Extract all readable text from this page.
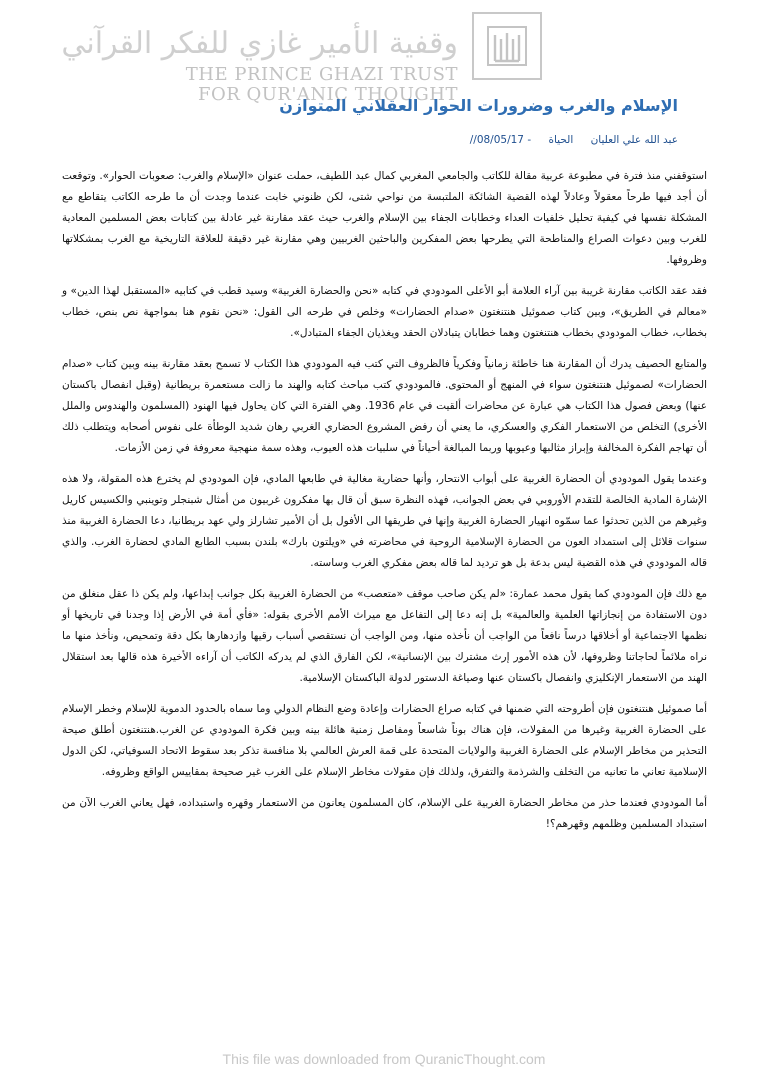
وقفية الأمير غازي للفكر القرآني
THE PRINCE GHAZI TRUST
FOR QUR'ANIC THOUGHT
الإسلام والغرب وضرورات الحوار العقلاني المتوازن
عبد الله علي العليان الحياة - 08/05/17//

استوقفني منذ فترة في مطبوعة عربية مقالة للكاتب والجامعي المغربي كمال عبد اللطيف، حملت عنوان «الإسلام والغرب: صعوبات الحوار». وتوقعت أن أجد فيها طرحاً معقولاً وعادلاً لهذه القضية الشائكة الملتبسة من نواحي شتى، لكن ظنوني خابت عندما وجدت أن ما طرحه الكاتب يتقاطع مع المشكلة نفسها في كيفية تحليل خلفيات العداء وخطابات الجفاء بين الإسلام والغرب حيث عقد مقارنة غير عادلة بين كتابات بعض المسلمين المعادية للغرب وبين دعوات الصراع والمناطحة التي يطرحها بعض المفكرين والباحثين الغربيين وهي مقارنة غير دقيقة للعلاقة التاريخية مع الغرب بمشكلاتها وظروفها.

فقد عقد الكاتب مقارنة غريبة بين آراء العلامة أبو الأعلى المودودي في كتابه «نحن والحضارة الغربية» وسيد قطب في كتابيه «المستقبل لهذا الدين» و «معالم في الطريق»، وبين كتاب صموئيل هنتنغتون «صدام الحضارات» وخلص في طرحه الى القول: «نحن نقوم هنا بمواجهة نص بنص، خطاب بخطاب، خطاب المودودي بخطاب هنتنغتون وهما خطابان يتبادلان الحقد ويغذيان الجفاء المتبادل».

والمتابع الحصيف يدرك أن المقارنة هنا خاطئة زمانياً وفكرياً فالظروف التي كتب فيه المودودي هذا الكتاب لا تسمح بعقد مقارنة بينه وبين كتاب «صدام الحضارات» لصموئيل هنتنغتون سواء في المنهج أو المحتوى. فالمودودي كتب مباحث كتابه والهند ما زالت مستعمرة بريطانية (وقبل انفصال باكستان عنها) وبعض فصول هذا الكتاب هي عبارة عن محاضرات ألقيت في عام 1936. وهي الفترة التي كان يحاول فيها الهنود (المسلمون والهندوس والملل الأخرى) التخلص من الاستعمار الفكري والعسكري، ما يعني أن رفض المشروع الحضاري الغربي رهان شديد الوطأة على نفوس أصحابه ويتطلب ذلك أن تهاجم الفكرة المخالفة وإبراز مثالبها وعيوبها وربما المبالغة أحياناً في سلبيات هذه العيوب، وهذه سمة منهجية معروفة في زمن الأزمات.

وعندما يقول المودودي أن الحضارة الغربية على أبواب الانتحار، وأنها حضارية مغالية في طابعها المادي، فإن المودودي لم يخترع هذه المقولة، ولا هذه الإشارة المادية الخالصة للتقدم الأوروبي في بعض الجوانب، فهذه النظرة سبق أن قال بها مفكرون غربيون من أمثال شبنجلر وتوينبي والكسيس كاريل وغيرهم من الذين تحدثوا عما سمّوه انهيار الحضارة الغربية وإنها في طريقها الى الأفول بل أن الأمير تشارلز ولي عهد بريطانيا، دعا الحضارة الغربية منذ سنوات قلائل إلى استمداد العون من الحضارة الإسلامية الروحية في محاضرته في «ويلتون بارك» بلندن بسبب الطابع المادي لحضارة الغرب. والذي قاله المودودي في هذه القضية ليس بدعة بل هو ترديد لما قاله بعض مفكري الغرب وساسته.

مع ذلك فإن المودودي كما يقول محمد عمارة: «لم يكن صاحب موقف «متعصب» من الحضارة الغربية بكل جوانب إبداعها، ولم يكن ذا عقل منغلق من دون الاستفادة من إنجازاتها العلمية والعالمية» بل إنه دعا إلى التفاعل مع ميراث الأمم الأخرى بقوله: «فأي أمة في الأرض إذا وجدنا في تاريخها أو نظمها الاجتماعية أو أخلاقها درساً نافعاً من الواجب أن نأخذه منها، ومن الواجب أن نستقصي أسباب رقيها وازدهارها بكل دقة وتمحيص، ونأخذ منها ما نراه ملائماً لحاجاتنا وظروفها، لأن هذه الأمور إرث مشترك بين الإنسانية»، لكن الفارق الذي لم يدركه الكاتب أن آراءه الأخيرة هذه قالها بعد استقلال الهند من الاستعمار الإنكليزي وانفصال باكستان عنها وصياغة الدستور لدولة الباكستان الإسلامية.

أما صموئيل هنتنغتون فإن أطروحته التي ضمنها في كتابه صراع الحضارات وإعادة وضع النظام الدولي وما سماه بالحدود الدموية للإسلام وخطر الإسلام على الحضارة الغربية وغيرها من المقولات، فإن هناك بوناً شاسعاً ومفاصل زمنية هائلة بينه وبين فكرة المودودي عن الغرب.هنتنغتون أطلق صيحة التحذير من مخاطر الإسلام على الحضارة الغربية والولايات المتحدة على قمة العرش العالمي بلا منافسة تذكر بعد سقوط الاتحاد السوفياتي، لكن الدول الإسلامية تعاني ما تعانيه من التخلف والشرذمة والتفرق، ولذلك فإن مقولات مخاطر الإسلام على الغرب غير صحيحة بمقاييس الواقع وظروفه.

أما المودودي فعندما حذر من مخاطر الحضارة الغربية على الإسلام، كان المسلمون يعانون من الاستعمار وقهره واستبداده، فهل يعاني الغرب الآن من استبداد المسلمين وظلمهم وقهرهم؟!

This file was downloaded from QuranicThought.com
